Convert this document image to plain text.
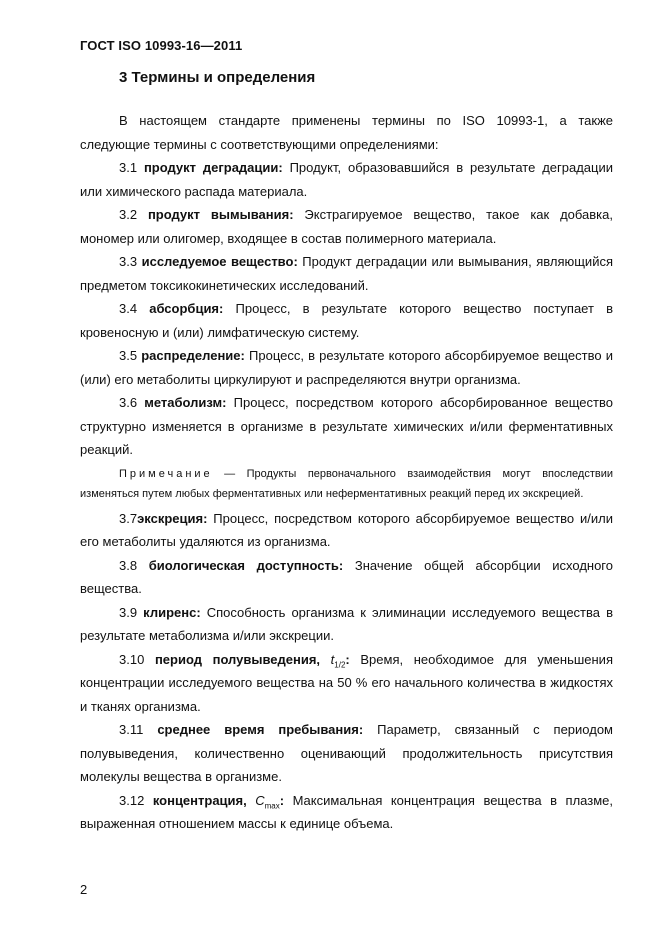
ГОСТ ISO 10993-16—2011
3 Термины и определения

В настоящем стандарте применены термины по ISO 10993-1, а также следующие термины с соответствующими определениями:

3.1 продукт деградации: Продукт, образовавшийся в результате деградации или химического распада материала.

3.2 продукт вымывания: Экстрагируемое вещество, такое как добавка, мономер или олигомер, входящее в состав полимерного материала.

3.3 исследуемое вещество: Продукт деградации или вымывания, являющийся предметом токсикокинетических исследований.

3.4 абсорбция: Процесс, в результате которого вещество поступает в кровеносную и (или) лимфатическую систему.

3.5 распределение: Процесс, в результате которого абсорбируемое вещество и (или) его метаболиты циркулируют и распределяются внутри организма.

3.6 метаболизм: Процесс, посредством которого абсорбированное вещество структурно изменяется в организме в результате химических и/или ферментативных реакций.

Примечание — Продукты первоначального взаимодействия могут впоследствии изменяться путем любых ферментативных или неферментативных реакций перед их экскрецией.

3.7экскреция: Процесс, посредством которого абсорбируемое вещество и/или его метаболиты удаляются из организма.

3.8 биологическая доступность: Значение общей абсорбции исходного вещества.

3.9 клиренс: Способность организма к элиминации исследуемого вещества в результате метаболизма и/или экскреции.

3.10 период полувыведения, $t_{1/2}$: Время, необходимое для уменьшения концентрации исследуемого вещества на 50 % его начального количества в жидкостях и тканях организма.

3.11 среднее время пребывания: Параметр, связанный с периодом полувыведения, количественно оценивающий продолжительность присутствия молекулы вещества в организме.

3.12 концентрация, $C_{max}$: Максимальная концентрация вещества в плазме, выраженная отношением массы к единице объема.

2
